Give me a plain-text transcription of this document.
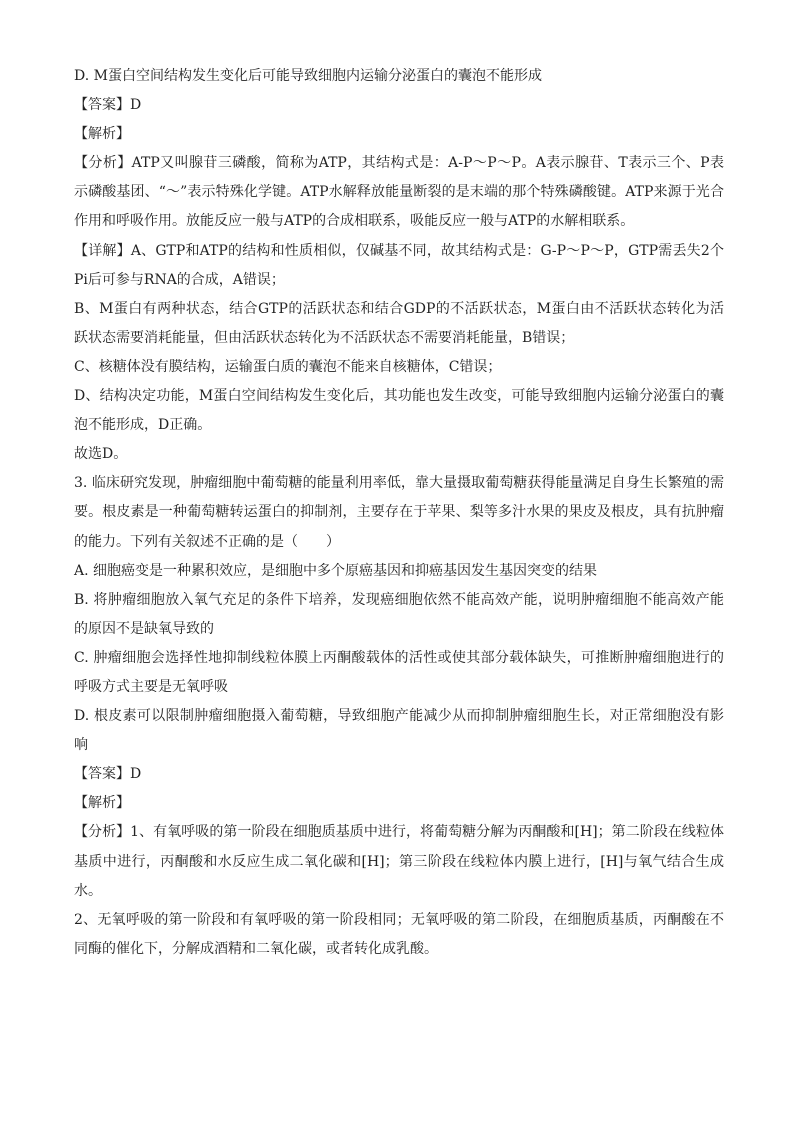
D. M蛋白空间结构发生变化后可能导致细胞内运输分泌蛋白的囊泡不能形成
【答案】D
【解析】
【分析】ATP又叫腺苷三磷酸，简称为ATP，其结构式是：A-P～P～P。A表示腺苷、T表示三个、P表
示磷酸基团、“～”表示特殊化学键。ATP水解释放能量断裂的是末端的那个特殊磷酸键。ATP来源于光合
作用和呼吸作用。放能反应一般与ATP的合成相联系，吸能反应一般与ATP的水解相联系。
【详解】A、GTP和ATP的结构和性质相似，仅碱基不同，故其结构式是：G-P～P～P，GTP需丢失2个
Pi后可参与RNA的合成，A错误；
B、M蛋白有两种状态，结合GTP的活跃状态和结合GDP的不活跃状态，M蛋白由不活跃状态转化为活
跃状态需要消耗能量，但由活跃状态转化为不活跃状态不需要消耗能量，B错误；
C、核糖体没有膜结构，运输蛋白质的囊泡不能来自核糖体，C错误；
D、结构决定功能，M蛋白空间结构发生变化后，其功能也发生改变，可能导致细胞内运输分泌蛋白的囊
泡不能形成，D正确。
故选D。
3. 临床研究发现，肿瘤细胞中葡萄糖的能量利用率低，靠大量摄取葡萄糖获得能量满足自身生长繁殖的需
要。根皮素是一种葡萄糖转运蛋白的抑制剂，主要存在于苹果、梨等多汁水果的果皮及根皮，具有抗肿瘤
的能力。下列有关叙述不正确的是（　　）
A. 细胞癌变是一种累积效应，是细胞中多个原癌基因和抑癌基因发生基因突变的结果
B. 将肿瘤细胞放入氧气充足的条件下培养，发现癌细胞依然不能高效产能，说明肿瘤细胞不能高效产能
的原因不是缺氧导致的
C. 肿瘤细胞会选择性地抑制线粒体膜上丙酮酸载体的活性或使其部分载体缺失，可推断肿瘤细胞进行的
呼吸方式主要是无氧呼吸
D. 根皮素可以限制肿瘤细胞摄入葡萄糖，导致细胞产能减少从而抑制肿瘤细胞生长，对正常细胞没有影
响
【答案】D
【解析】
【分析】1、有氧呼吸的第一阶段在细胞质基质中进行，将葡萄糖分解为丙酮酸和[H]；第二阶段在线粒体
基质中进行，丙酮酸和水反应生成二氧化碳和[H]；第三阶段在线粒体内膜上进行，[H]与氧气结合生成
水。
2、无氧呼吸的第一阶段和有氧呼吸的第一阶段相同；无氧呼吸的第二阶段，在细胞质基质，丙酮酸在不
同酶的催化下，分解成酒精和二氧化碳，或者转化成乳酸。
